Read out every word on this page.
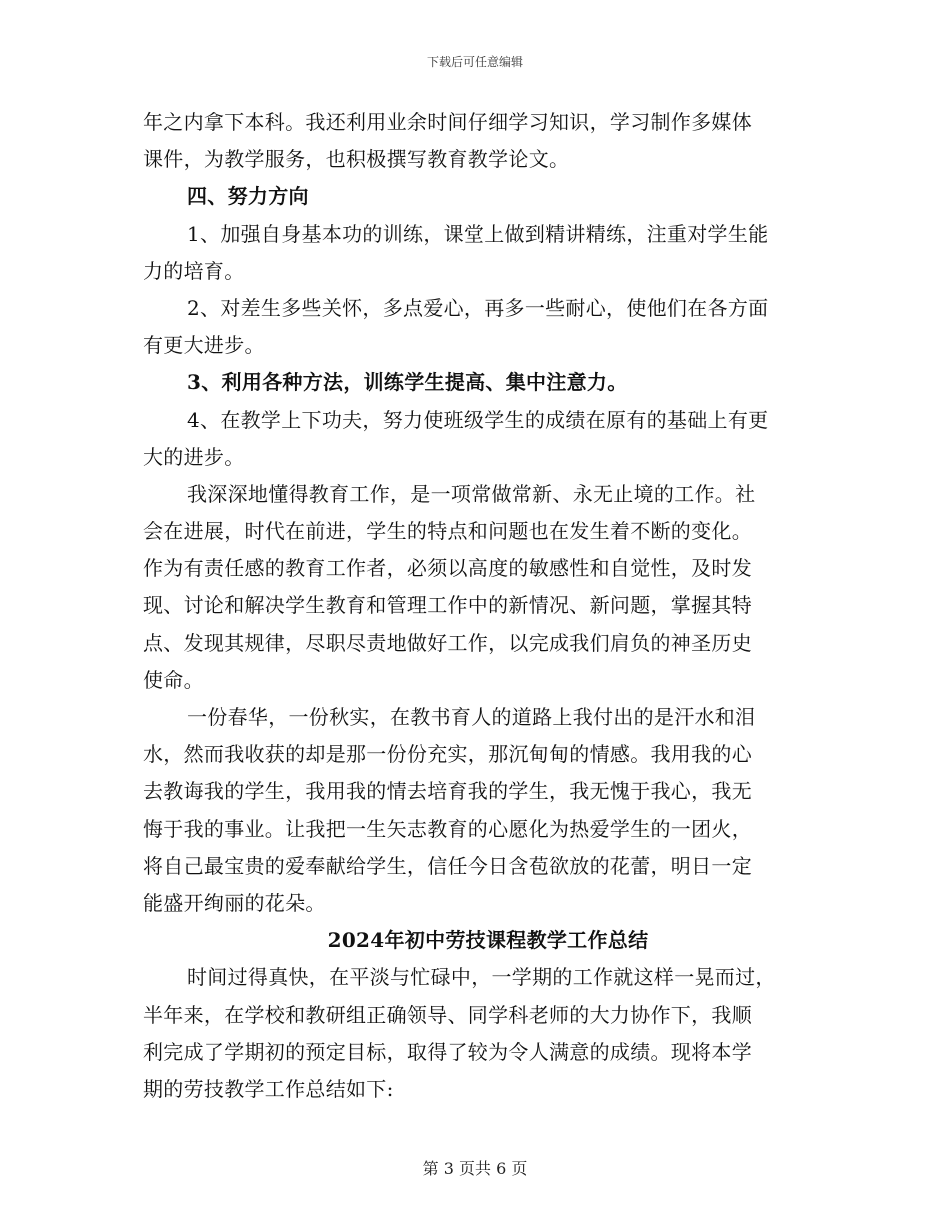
下载后可任意编辑
年之内拿下本科。我还利用业余时间仔细学习知识，学习制作多媒体
课件，为教学服务，也积极撰写教育教学论文。
四、努力方向
1、加强自身基本功的训练，课堂上做到精讲精练，注重对学生能
力的培育。
2、对差生多些关怀，多点爱心，再多一些耐心，使他们在各方面
有更大进步。
3、利用各种方法，训练学生提高、集中注意力。
4、在教学上下功夫，努力使班级学生的成绩在原有的基础上有更
大的进步。
我深深地懂得教育工作，是一项常做常新、永无止境的工作。社
会在进展，时代在前进，学生的特点和问题也在发生着不断的变化。
作为有责任感的教育工作者，必须以高度的敏感性和自觉性，及时发
现、讨论和解决学生教育和管理工作中的新情况、新问题，掌握其特
点、发现其规律，尽职尽责地做好工作，以完成我们肩负的神圣历史
使命。
一份春华，一份秋实，在教书育人的道路上我付出的是汗水和泪
水，然而我收获的却是那一份份充实，那沉甸甸的情感。我用我的心
去教诲我的学生，我用我的情去培育我的学生，我无愧于我心，我无
悔于我的事业。让我把一生矢志教育的心愿化为热爱学生的一团火，
将自己最宝贵的爱奉献给学生，信任今日含苞欲放的花蕾，明日一定
能盛开绚丽的花朵。
2024年初中劳技课程教学工作总结
时间过得真快，在平淡与忙碌中，一学期的工作就这样一晃而过，
半年来，在学校和教研组正确领导、同学科老师的大力协作下，我顺
利完成了学期初的预定目标，取得了较为令人满意的成绩。现将本学
期的劳技教学工作总结如下:
第 3 页共 6 页
